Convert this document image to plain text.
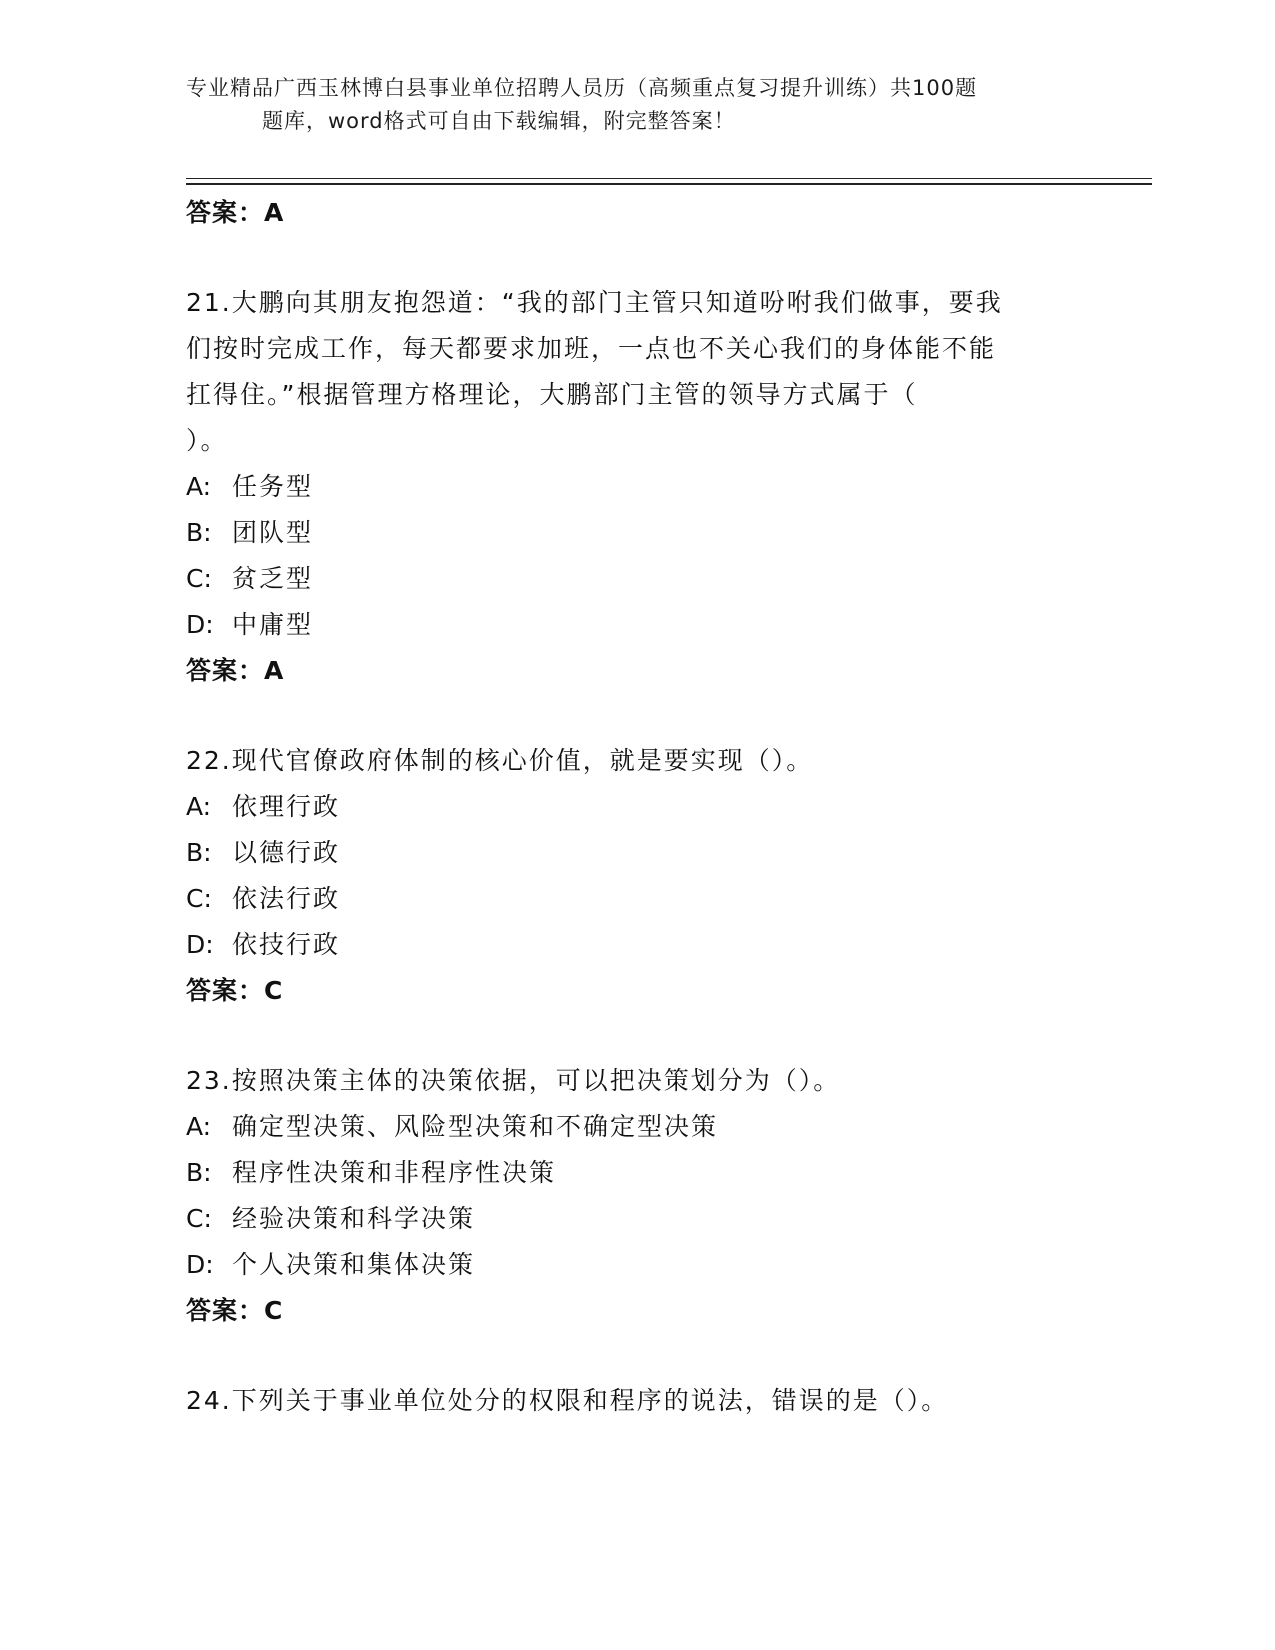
专业精品广西玉林博白县事业单位招聘人员历（高频重点复习提升训练）共100题
题库，word格式可自由下载编辑，附完整答案！
答案：A
21.大鹏向其朋友抱怨道：“我的部门主管只知道吩咐我们做事，要我
们按时完成工作，每天都要求加班，一点也不关心我们的身体能不能
扛得住。”根据管理方格理论，大鹏部门主管的领导方式属于（
）。
A: 任务型
B: 团队型
C: 贫乏型
D: 中庸型
答案：A
22.现代官僚政府体制的核心价值，就是要实现（）。
A: 依理行政
B: 以德行政
C: 依法行政
D: 依技行政
答案：C
23.按照决策主体的决策依据，可以把决策划分为（）。
A: 确定型决策、风险型决策和不确定型决策
B: 程序性决策和非程序性决策
C: 经验决策和科学决策
D: 个人决策和集体决策
答案：C
24.下列关于事业单位处分的权限和程序的说法，错误的是（）。
